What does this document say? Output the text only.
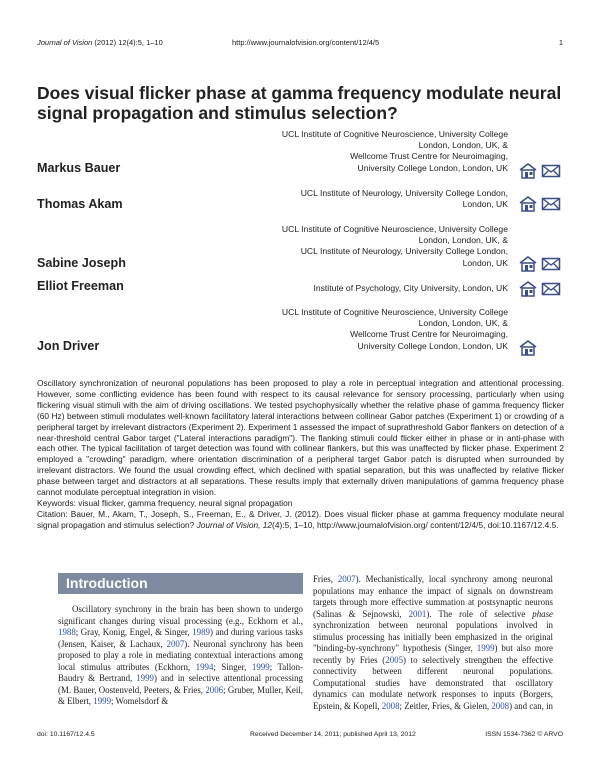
Journal of Vision (2012) 12(4):5, 1–10	http://www.journalofvision.org/content/12/4/5	1
Does visual flicker phase at gamma frequency modulate neural signal propagation and stimulus selection?
UCL Institute of Cognitive Neuroscience, University College
London, London, UK, &
Wellcome Trust Centre for Neuroimaging,
University College London, London, UK
Markus Bauer
UCL Institute of Neurology, University College London,
London, UK
Thomas Akam
UCL Institute of Cognitive Neuroscience, University College
London, London, UK, &
UCL Institute of Neurology, University College London,
London, UK
Sabine Joseph
Institute of Psychology, City University, London, UK
Elliot Freeman
UCL Institute of Cognitive Neuroscience, University College
London, London, UK, &
Wellcome Trust Centre for Neuroimaging,
University College London, London, UK
Jon Driver

Oscillatory synchronization of neuronal populations has been proposed to play a role in perceptual integration and attentional processing. However, some conflicting evidence has been found with respect to its causal relevance for sensory processing, particularly when using flickering visual stimuli with the aim of driving oscillations. We tested psychophysically whether the relative phase of gamma frequency flicker (60 Hz) between stimuli modulates well-known facilitatory lateral interactions between collinear Gabor patches (Experiment 1) or crowding of a peripheral target by irrelevant distractors (Experiment 2). Experiment 1 assessed the impact of suprathreshold Gabor flankers on detection of a near-threshold central Gabor target ("Lateral interactions paradigm"). The flanking stimuli could flicker either in phase or in anti-phase with each other. The typical facilitation of target detection was found with collinear flankers, but this was unaffected by flicker phase. Experiment 2 employed a "crowding" paradigm, where orientation discrimination of a peripheral target Gabor patch is disrupted when surrounded by irrelevant distractors. We found the usual crowding effect, which declined with spatial separation, but this was unaffected by relative flicker phase between target and distractors at all separations. These results imply that externally driven manipulations of gamma frequency phase cannot modulate perceptual integration in vision.

Keywords: visual flicker, gamma frequency, neural signal propagation

Citation: Bauer, M., Akam, T., Joseph, S., Freeman, E., & Driver, J. (2012). Does visual flicker phase at gamma frequency modulate neural signal propagation and stimulus selection? Journal of Vision, 12(4):5, 1–10, http://www.journalofvision.org/ content/12/4/5, doi:10.1167/12.4.5.

Introduction
Oscillatory synchrony in the brain has been shown to undergo significant changes during visual processing (e.g., Eckhorn et al., 1988; Gray, Konig, Engel, & Singer, 1989) and during various tasks (Jensen, Kaiser, & Lachaux, 2007). Neuronal synchrony has been proposed to play a role in mediating contextual interactions among local stimulus attributes (Eckhorn, 1994; Singer, 1999; Tallon-Baudry & Bertrand, 1999) and in selective attentional processing (M. Bauer, Oostenveld, Peeters, & Fries, 2006; Gruber, Muller, Keil, & Elbert, 1999; Womelsdorf &
Fries, 2007). Mechanistically, local synchrony among neuronal populations may enhance the impact of signals on downstream targets through more effective summation at postsynaptic neurons (Salinas & Sejnowski, 2001). The role of selective phase synchronization between neuronal populations involved in stimulus processing has initially been emphasized in the original "binding-by-synchrony" hypothesis (Singer, 1999) but also more recently by Fries (2005) to selectively strengthen the effective connectivity between different neuronal populations. Computational studies have demonstrated that oscillatory dynamics can modulate network responses to inputs (Borgers, Epstein, & Kopell, 2008; Zeitler, Fries, & Gielen, 2008) and can, in
doi: 10.1167/12.4.5	Received December 14, 2011; published April 13, 2012	ISSN 1534-7362 © ARVO
